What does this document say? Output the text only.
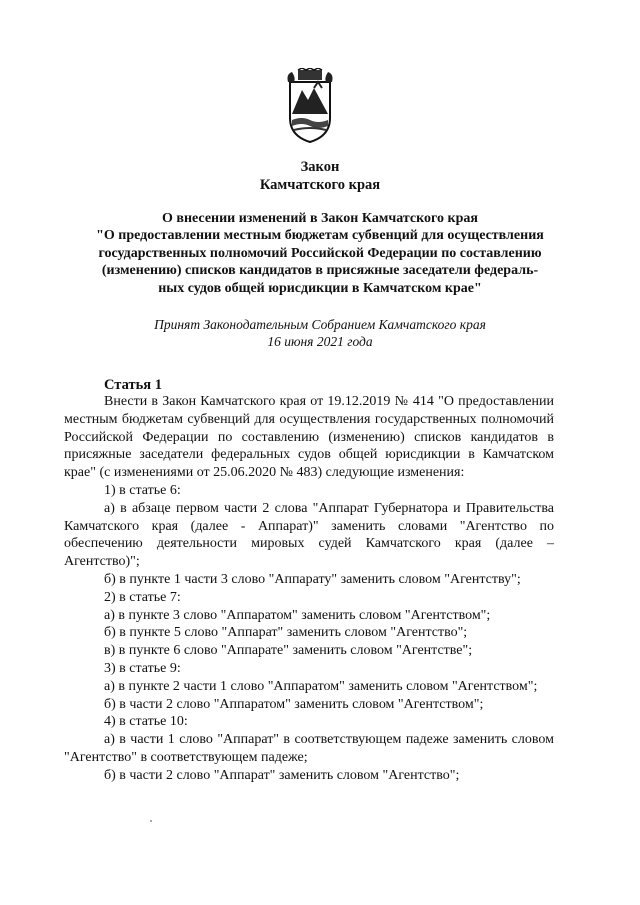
Закон
Камчатского края
О внесении изменений в Закон Камчатского края
"О предоставлении местным бюджетам субвенций для осуществления
государственных полномочий Российской Федерации по составлению
(изменению) списков кандидатов в присяжные заседатели федераль-
ных судов общей юрисдикции в Камчатском крае"
Принят Законодательным Собранием Камчатского края
16 июня 2021 года
Статья 1

Внести в Закон Камчатского края от 19.12.2019 № 414 "О предоставлении местным бюджетам субвенций для осуществления государственных полномочий Российской Федерации по составлению (изменению) списков кандидатов в присяжные заседатели федеральных судов общей юрисдикции в Камчатском крае" (с изменениями от 25.06.2020 № 483) следующие изменения:

1) в статье 6:

а) в абзаце первом части 2 слова "Аппарат Губернатора и Правительства Камчатского края (далее - Аппарат)" заменить словами "Агентство по обеспечению деятельности мировых судей Камчатского края (далее – Агентство)";

б) в пункте 1 части 3 слово "Аппарату" заменить словом "Агентству";

2) в статье 7:

а) в пункте 3 слово "Аппаратом" заменить словом "Агентством";

б) в пункте 5 слово "Аппарат" заменить словом "Агентство";

в) в пункте 6 слово "Аппарате" заменить словом "Агентстве";

3) в статье 9:

а) в пункте 2 части 1 слово "Аппаратом" заменить словом "Агентством";

б) в части 2 слово "Аппаратом" заменить словом "Агентством";

4) в статье 10:

а) в части 1 слово "Аппарат" в соответствующем падеже заменить словом "Агентство" в соответствующем падеже;

б) в части 2 слово "Аппарат" заменить словом "Агентство";
